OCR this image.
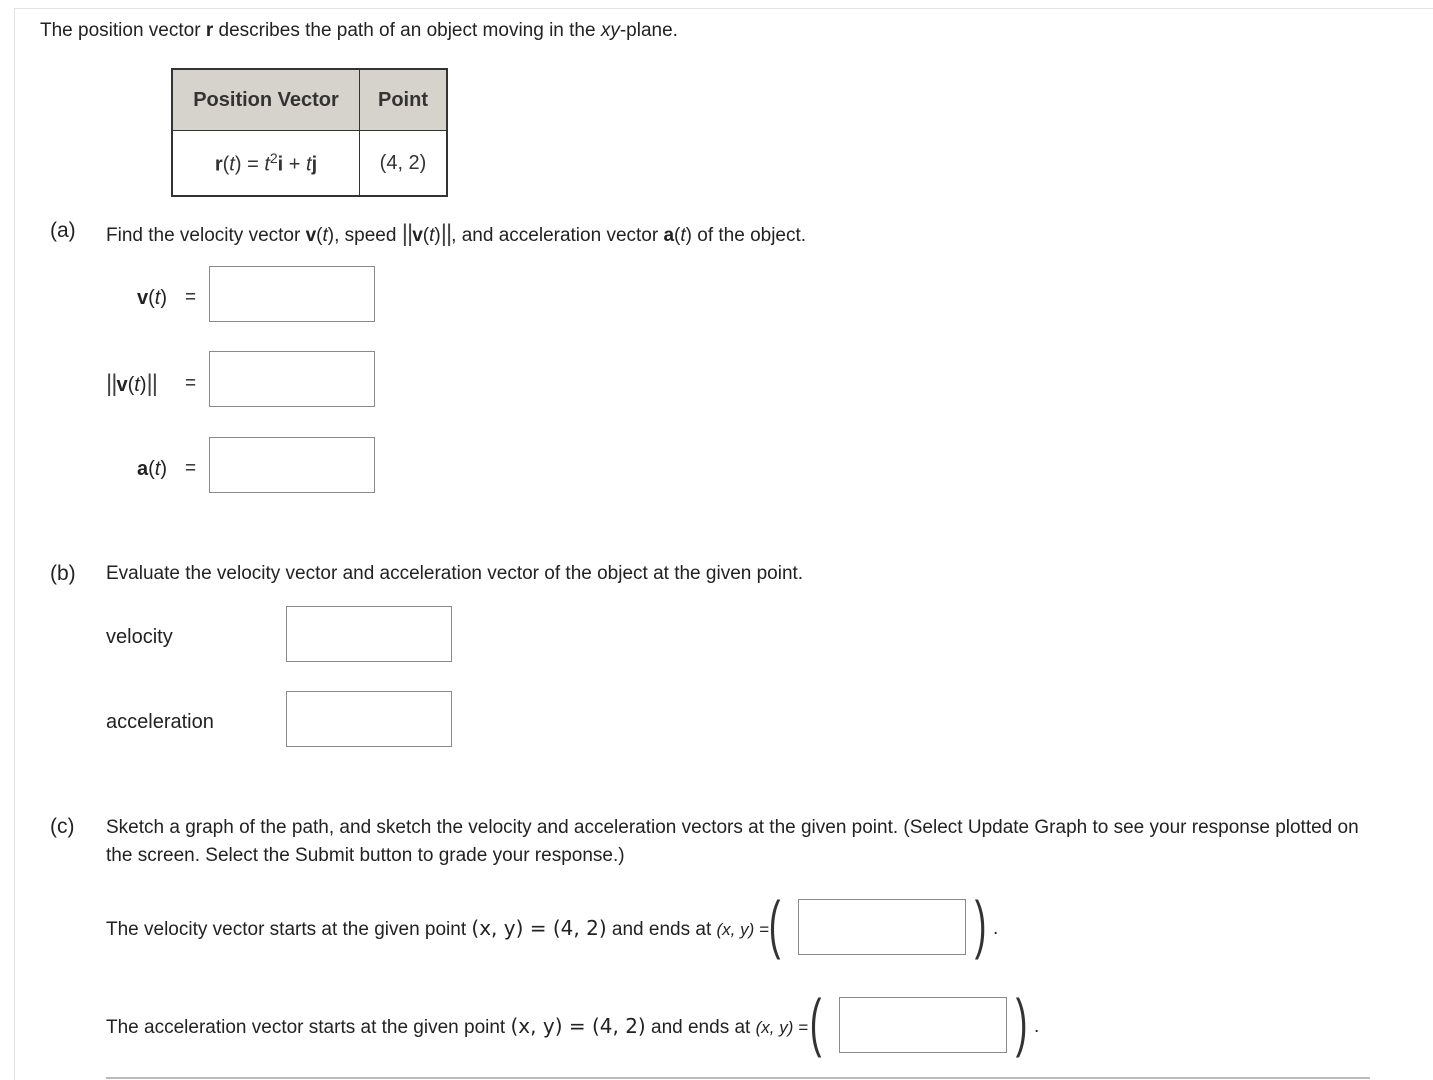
The position vector r describes the path of an object moving in the xy-plane.
Position Vector	Point
$r(t) = t^2i$ + tj	(4, 2)
(a) Find the velocity vector v(t), speed ||v(t)||, and acceleration vector a(t) of the object.
v(t) =
||v(t)|| =
a(t) =
(b) Evaluate the velocity vector and acceleration vector of the object at the given point.
velocity
acceleration
(c) Sketch a graph of the path, and sketch the velocity and acceleration vectors at the given point. (Select Update Graph to see your response plotted on
the screen. Select the Submit button to grade your response.)
The velocity vector starts at the given point (x, y) = (4, 2) and ends at (x, y) = (	) .
The acceleration vector starts at the given point (x, y) = (4, 2) and ends at (x, y) = (	) .
